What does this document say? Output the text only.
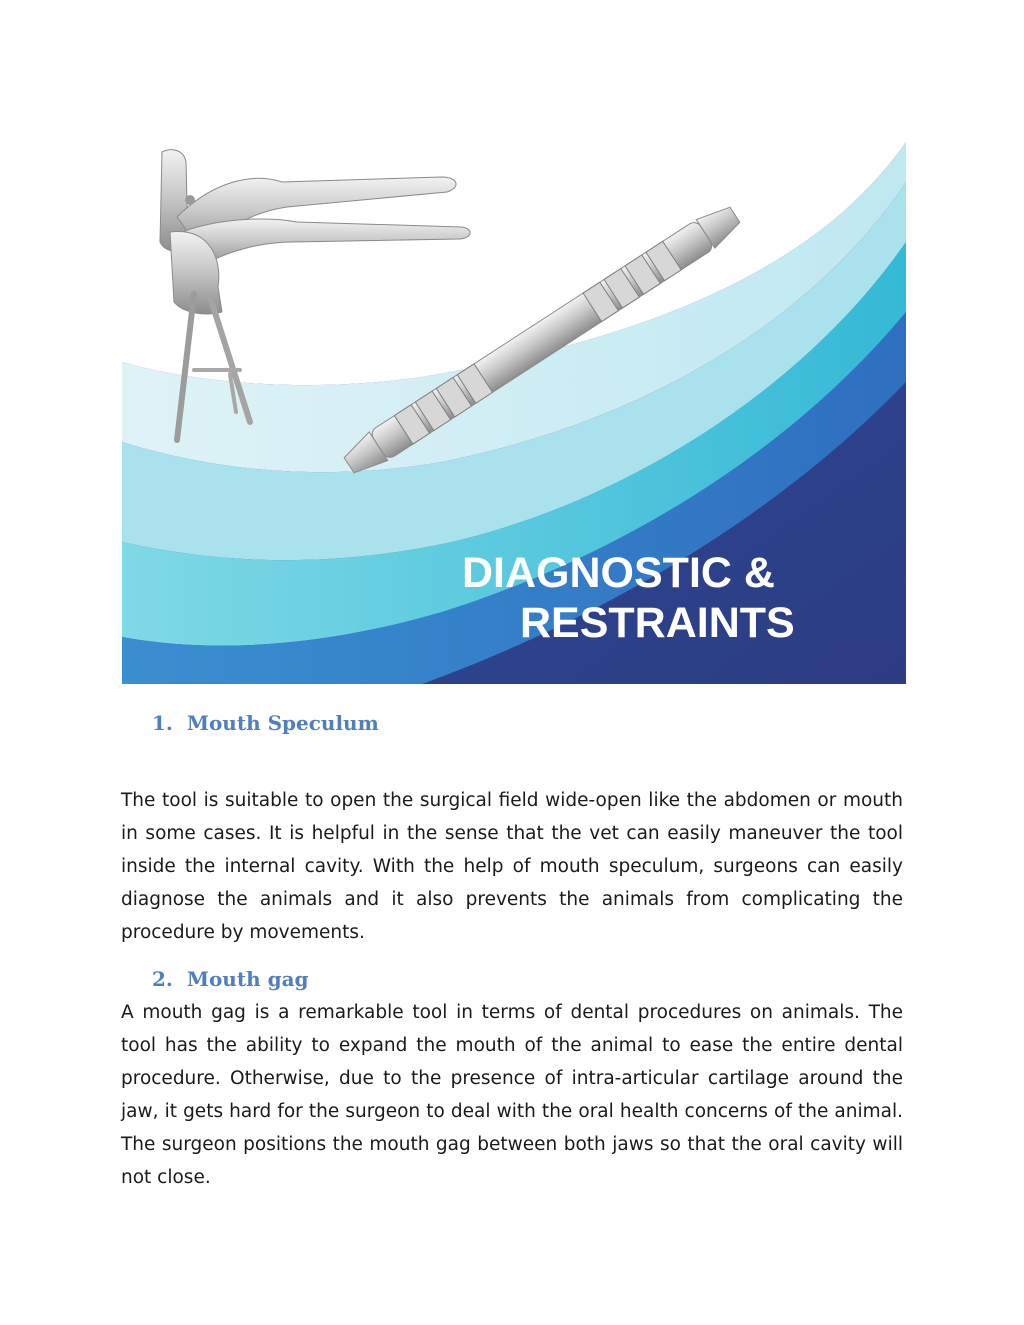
DIAGNOSTIC &
RESTRAINTS
1. Mouth Speculum

The tool is suitable to open the surgical field wide-open like the abdomen or mouth in some cases. It is helpful in the sense that the vet can easily maneuver the tool inside the internal cavity. With the help of mouth speculum, surgeons can easily diagnose the animals and it also prevents the animals from complicating the procedure by movements.

2. Mouth gag

A mouth gag is a remarkable tool in terms of dental procedures on animals. The tool has the ability to expand the mouth of the animal to ease the entire dental procedure. Otherwise, due to the presence of intra-articular cartilage around the jaw, it gets hard for the surgeon to deal with the oral health concerns of the animal. The surgeon positions the mouth gag between both jaws so that the oral cavity will not close.
